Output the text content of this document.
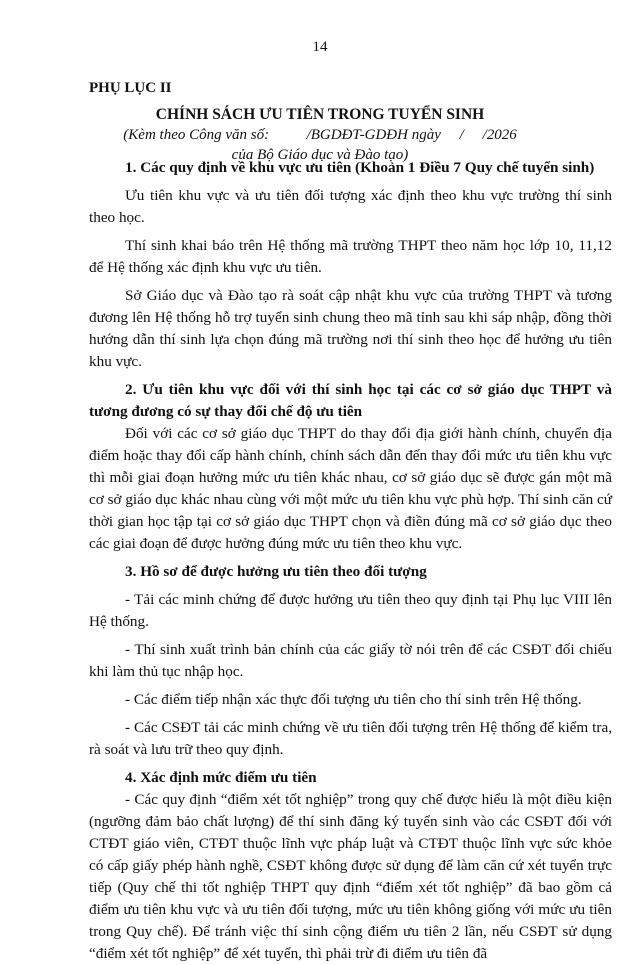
14
PHỤ LỤC II
CHÍNH SÁCH ƯU TIÊN TRONG TUYỂN SINH
(Kèm theo Công văn số:          /BGDĐT-GDĐH ngày     /     /2026
của Bộ Giáo dục và Đào tạo)

1. Các quy định về khu vực ưu tiên (Khoản 1 Điều 7 Quy chế tuyển sinh)

Ưu tiên khu vực và ưu tiên đối tượng xác định theo khu vực trường thí sinh theo học.

Thí sinh khai báo trên Hệ thống mã trường THPT theo năm học lớp 10, 11,12 để Hệ thống xác định khu vực ưu tiên.

Sở Giáo dục và Đào tạo rà soát cập nhật khu vực của trường THPT và tương đương lên Hệ thống hỗ trợ tuyển sinh chung theo mã tỉnh sau khi sáp nhập, đồng thời hướng dẫn thí sinh lựa chọn đúng mã trường nơi thí sinh theo học để hưởng ưu tiên khu vực.

2. Ưu tiên khu vực đối với thí sinh học tại các cơ sở giáo dục THPT và tương đương có sự thay đổi chế độ ưu tiên

Đối với các cơ sở giáo dục THPT do thay đổi địa giới hành chính, chuyển địa điểm hoặc thay đổi cấp hành chính, chính sách dẫn đến thay đổi mức ưu tiên khu vực thì mỗi giai đoạn hưởng mức ưu tiên khác nhau, cơ sở giáo dục sẽ được gán một mã cơ sở giáo dục khác nhau cùng với một mức ưu tiên khu vực phù hợp. Thí sinh căn cứ thời gian học tập tại cơ sở giáo dục THPT chọn và điền đúng mã cơ sở giáo dục theo các giai đoạn để được hưởng đúng mức ưu tiên theo khu vực.

3. Hồ sơ để được hưởng ưu tiên theo đối tượng

- Tải các minh chứng để được hưởng ưu tiên theo quy định tại Phụ lục VIII lên Hệ thống.

- Thí sinh xuất trình bản chính của các giấy tờ nói trên để các CSĐT đối chiếu khi làm thủ tục nhập học.

- Các điểm tiếp nhận xác thực đối tượng ưu tiên cho thí sinh trên Hệ thống.

- Các CSĐT tải các minh chứng về ưu tiên đối tượng trên Hệ thống để kiểm tra, rà soát và lưu trữ theo quy định.

4. Xác định mức điểm ưu tiên

- Các quy định “điểm xét tốt nghiệp” trong quy chế được hiểu là một điều kiện (ngưỡng đảm bảo chất lượng) để thí sinh đăng ký tuyển sinh vào các CSĐT đối với CTĐT giáo viên, CTĐT thuộc lĩnh vực pháp luật và CTĐT thuộc lĩnh vực sức khỏe có cấp giấy phép hành nghề, CSĐT không được sử dụng để làm căn cứ xét tuyển trực tiếp (Quy chế thi tốt nghiệp THPT quy định “điểm xét tốt nghiệp” đã bao gồm cả điểm ưu tiên khu vực và ưu tiên đối tượng, mức ưu tiên không giống với mức ưu tiên trong Quy chế). Để tránh việc thí sinh cộng điểm ưu tiên 2 lần, nếu CSĐT sử dụng “điểm xét tốt nghiệp” để xét tuyển, thì phải trừ đi điểm ưu tiên đã
